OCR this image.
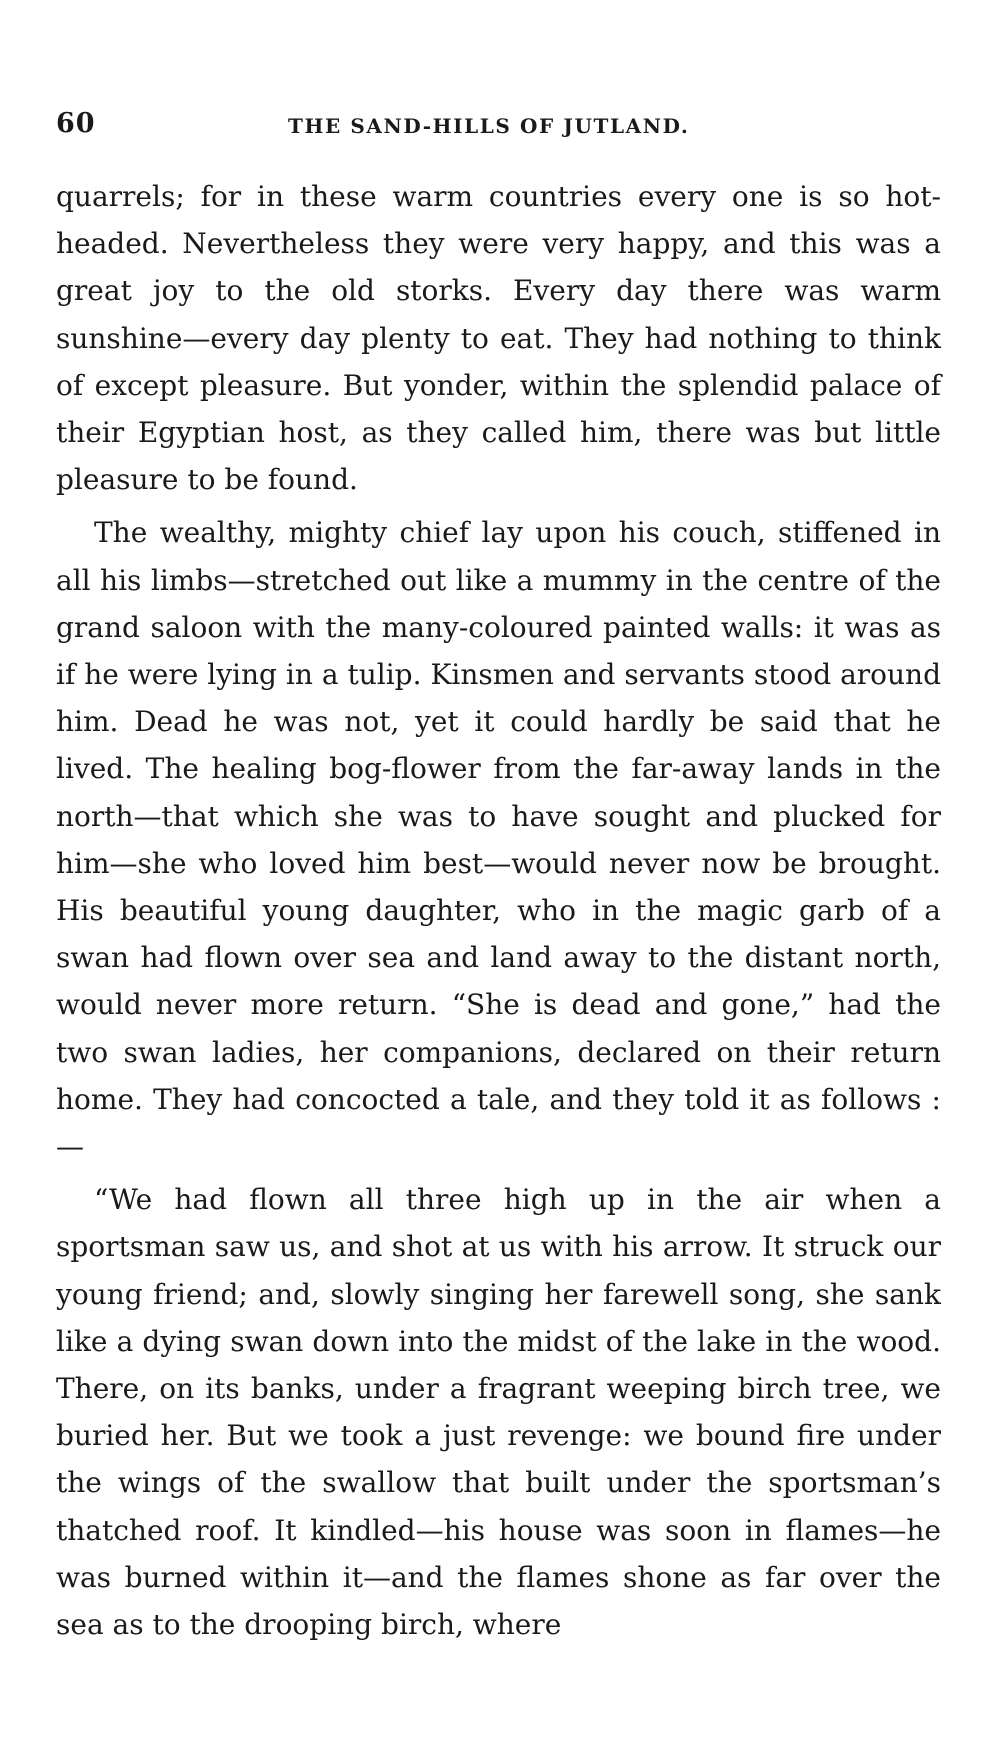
60	THE SAND-HILLS OF JUTLAND.

quarrels; for in these warm countries every one is so hot-headed. Nevertheless they were very happy, and this was a great joy to the old storks. Every day there was warm sunshine—every day plenty to eat. They had nothing to think of except pleasure. But yonder, within the splendid palace of their Egyptian host, as they called him, there was but little pleasure to be found.

The wealthy, mighty chief lay upon his couch, stiffened in all his limbs—stretched out like a mummy in the centre of the grand saloon with the many-coloured painted walls: it was as if he were lying in a tulip. Kinsmen and servants stood around him. Dead he was not, yet it could hardly be said that he lived. The healing bog-flower from the far-away lands in the north—that which she was to have sought and plucked for him—she who loved him best—would never now be brought. His beautiful young daughter, who in the magic garb of a swan had flown over sea and land away to the distant north, would never more return. “She is dead and gone,” had the two swan ladies, her companions, declared on their return home. They had concocted a tale, and they told it as follows :—

“We had flown all three high up in the air when a sportsman saw us, and shot at us with his arrow. It struck our young friend; and, slowly singing her farewell song, she sank like a dying swan down into the midst of the lake in the wood. There, on its banks, under a fragrant weeping birch tree, we buried her. But we took a just revenge: we bound fire under the wings of the swallow that built under the sportsman’s thatched roof. It kindled—his house was soon in flames—he was burned within it—and the flames shone as far over the sea as to the drooping birch, where
